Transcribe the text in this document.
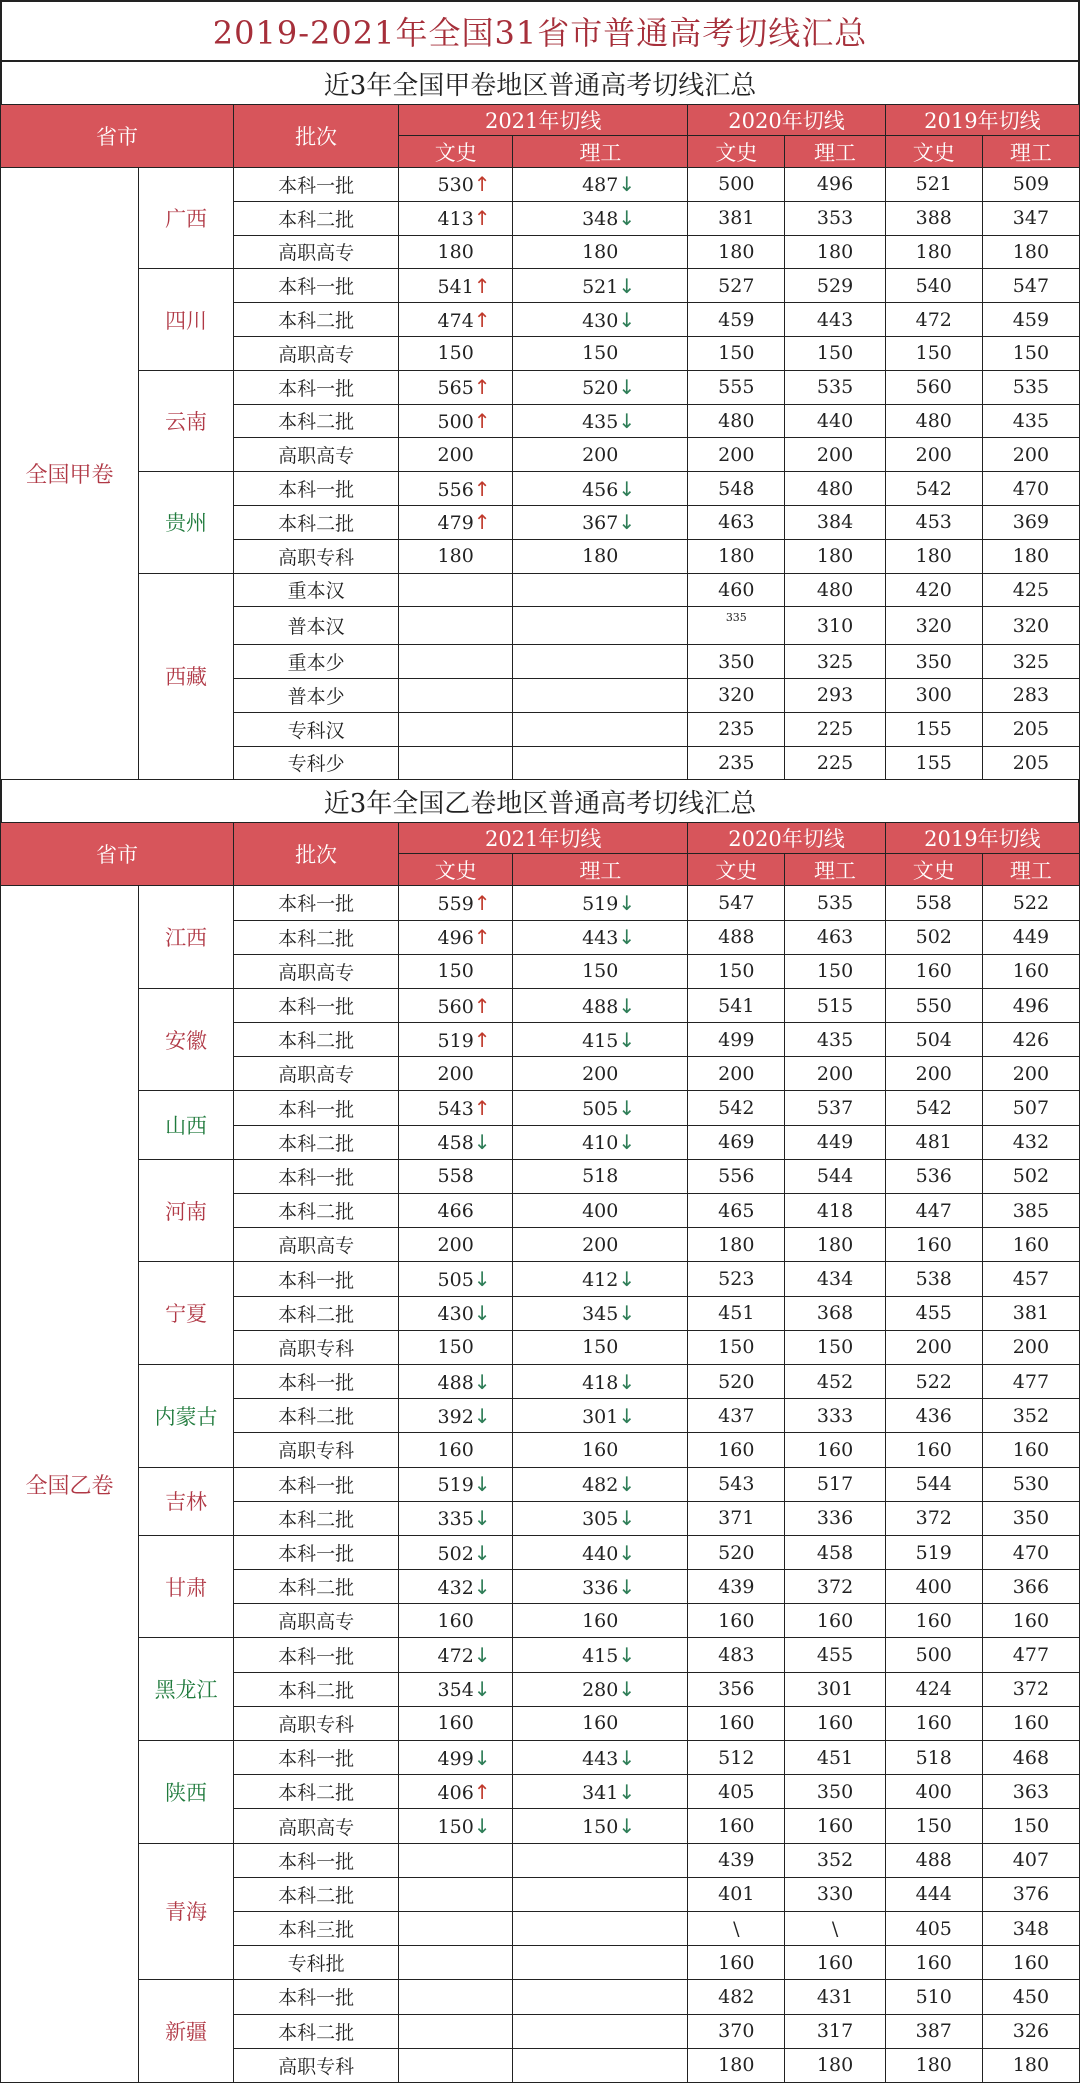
2019-2021年全国31省市普通高考切线汇总
近3年全国甲卷地区普通高考切线汇总
省市		批次	2021年切线		2020年切线		2019年切线	
			文史	理工	文史	理工	文史	理工
全国甲卷	广西	本科一批	530↑	487↓	500	496	521	509
		本科二批	413↑	348↓	381	353	388	347
		高职高专	180	180	180	180	180	180
	四川	本科一批	541↑	521↓	527	529	540	547
		本科二批	474↑	430↓	459	443	472	459
		高职高专	150	150	150	150	150	150
	云南	本科一批	565↑	520↓	555	535	560	535
		本科二批	500↑	435↓	480	440	480	435
		高职高专	200	200	200	200	200	200
	贵州	本科一批	556↑	456↓	548	480	542	470
		本科二批	479↑	367↓	463	384	453	369
		高职专科	180	180	180	180	180	180
	西藏	重本汉			460	480	420	425
		普本汉			335	310	320	320
		重本少			350	325	350	325
		普本少			320	293	300	283
		专科汉			235	225	155	205
		专科少			235	225	155	205
近3年全国乙卷地区普通高考切线汇总
省市		批次	2021年切线		2020年切线		2019年切线	
			文史	理工	文史	理工	文史	理工
全国乙卷	江西	本科一批	559↑	519↓	547	535	558	522
		本科二批	496↑	443↓	488	463	502	449
		高职高专	150	150	150	150	160	160
	安徽	本科一批	560↑	488↓	541	515	550	496
		本科二批	519↑	415↓	499	435	504	426
		高职高专	200	200	200	200	200	200
	山西	本科一批	543↑	505↓	542	537	542	507
		本科二批	458↓	410↓	469	449	481	432
	河南	本科一批	558	518	556	544	536	502
		本科二批	466	400	465	418	447	385
		高职高专	200	200	180	180	160	160
	宁夏	本科一批	505↓	412↓	523	434	538	457
		本科二批	430↓	345↓	451	368	455	381
		高职专科	150	150	150	150	200	200
	内蒙古	本科一批	488↓	418↓	520	452	522	477
		本科二批	392↓	301↓	437	333	436	352
		高职专科	160	160	160	160	160	160
	吉林	本科一批	519↓	482↓	543	517	544	530
		本科二批	335↓	305↓	371	336	372	350
	甘肃	本科一批	502↓	440↓	520	458	519	470
		本科二批	432↓	336↓	439	372	400	366
		高职高专	160	160	160	160	160	160
	黑龙江	本科一批	472↓	415↓	483	455	500	477
		本科二批	354↓	280↓	356	301	424	372
		高职专科	160	160	160	160	160	160
	陕西	本科一批	499↓	443↓	512	451	518	468
		本科二批	406↑	341↓	405	350	400	363
		高职高专	150↓	150↓	160	160	150	150
	青海	本科一批			439	352	488	407
		本科二批			401	330	444	376
		本科三批			\	\	405	348
		专科批			160	160	160	160
	新疆	本科一批			482	431	510	450
		本科二批			370	317	387	326
		高职专科			180	180	180	180
